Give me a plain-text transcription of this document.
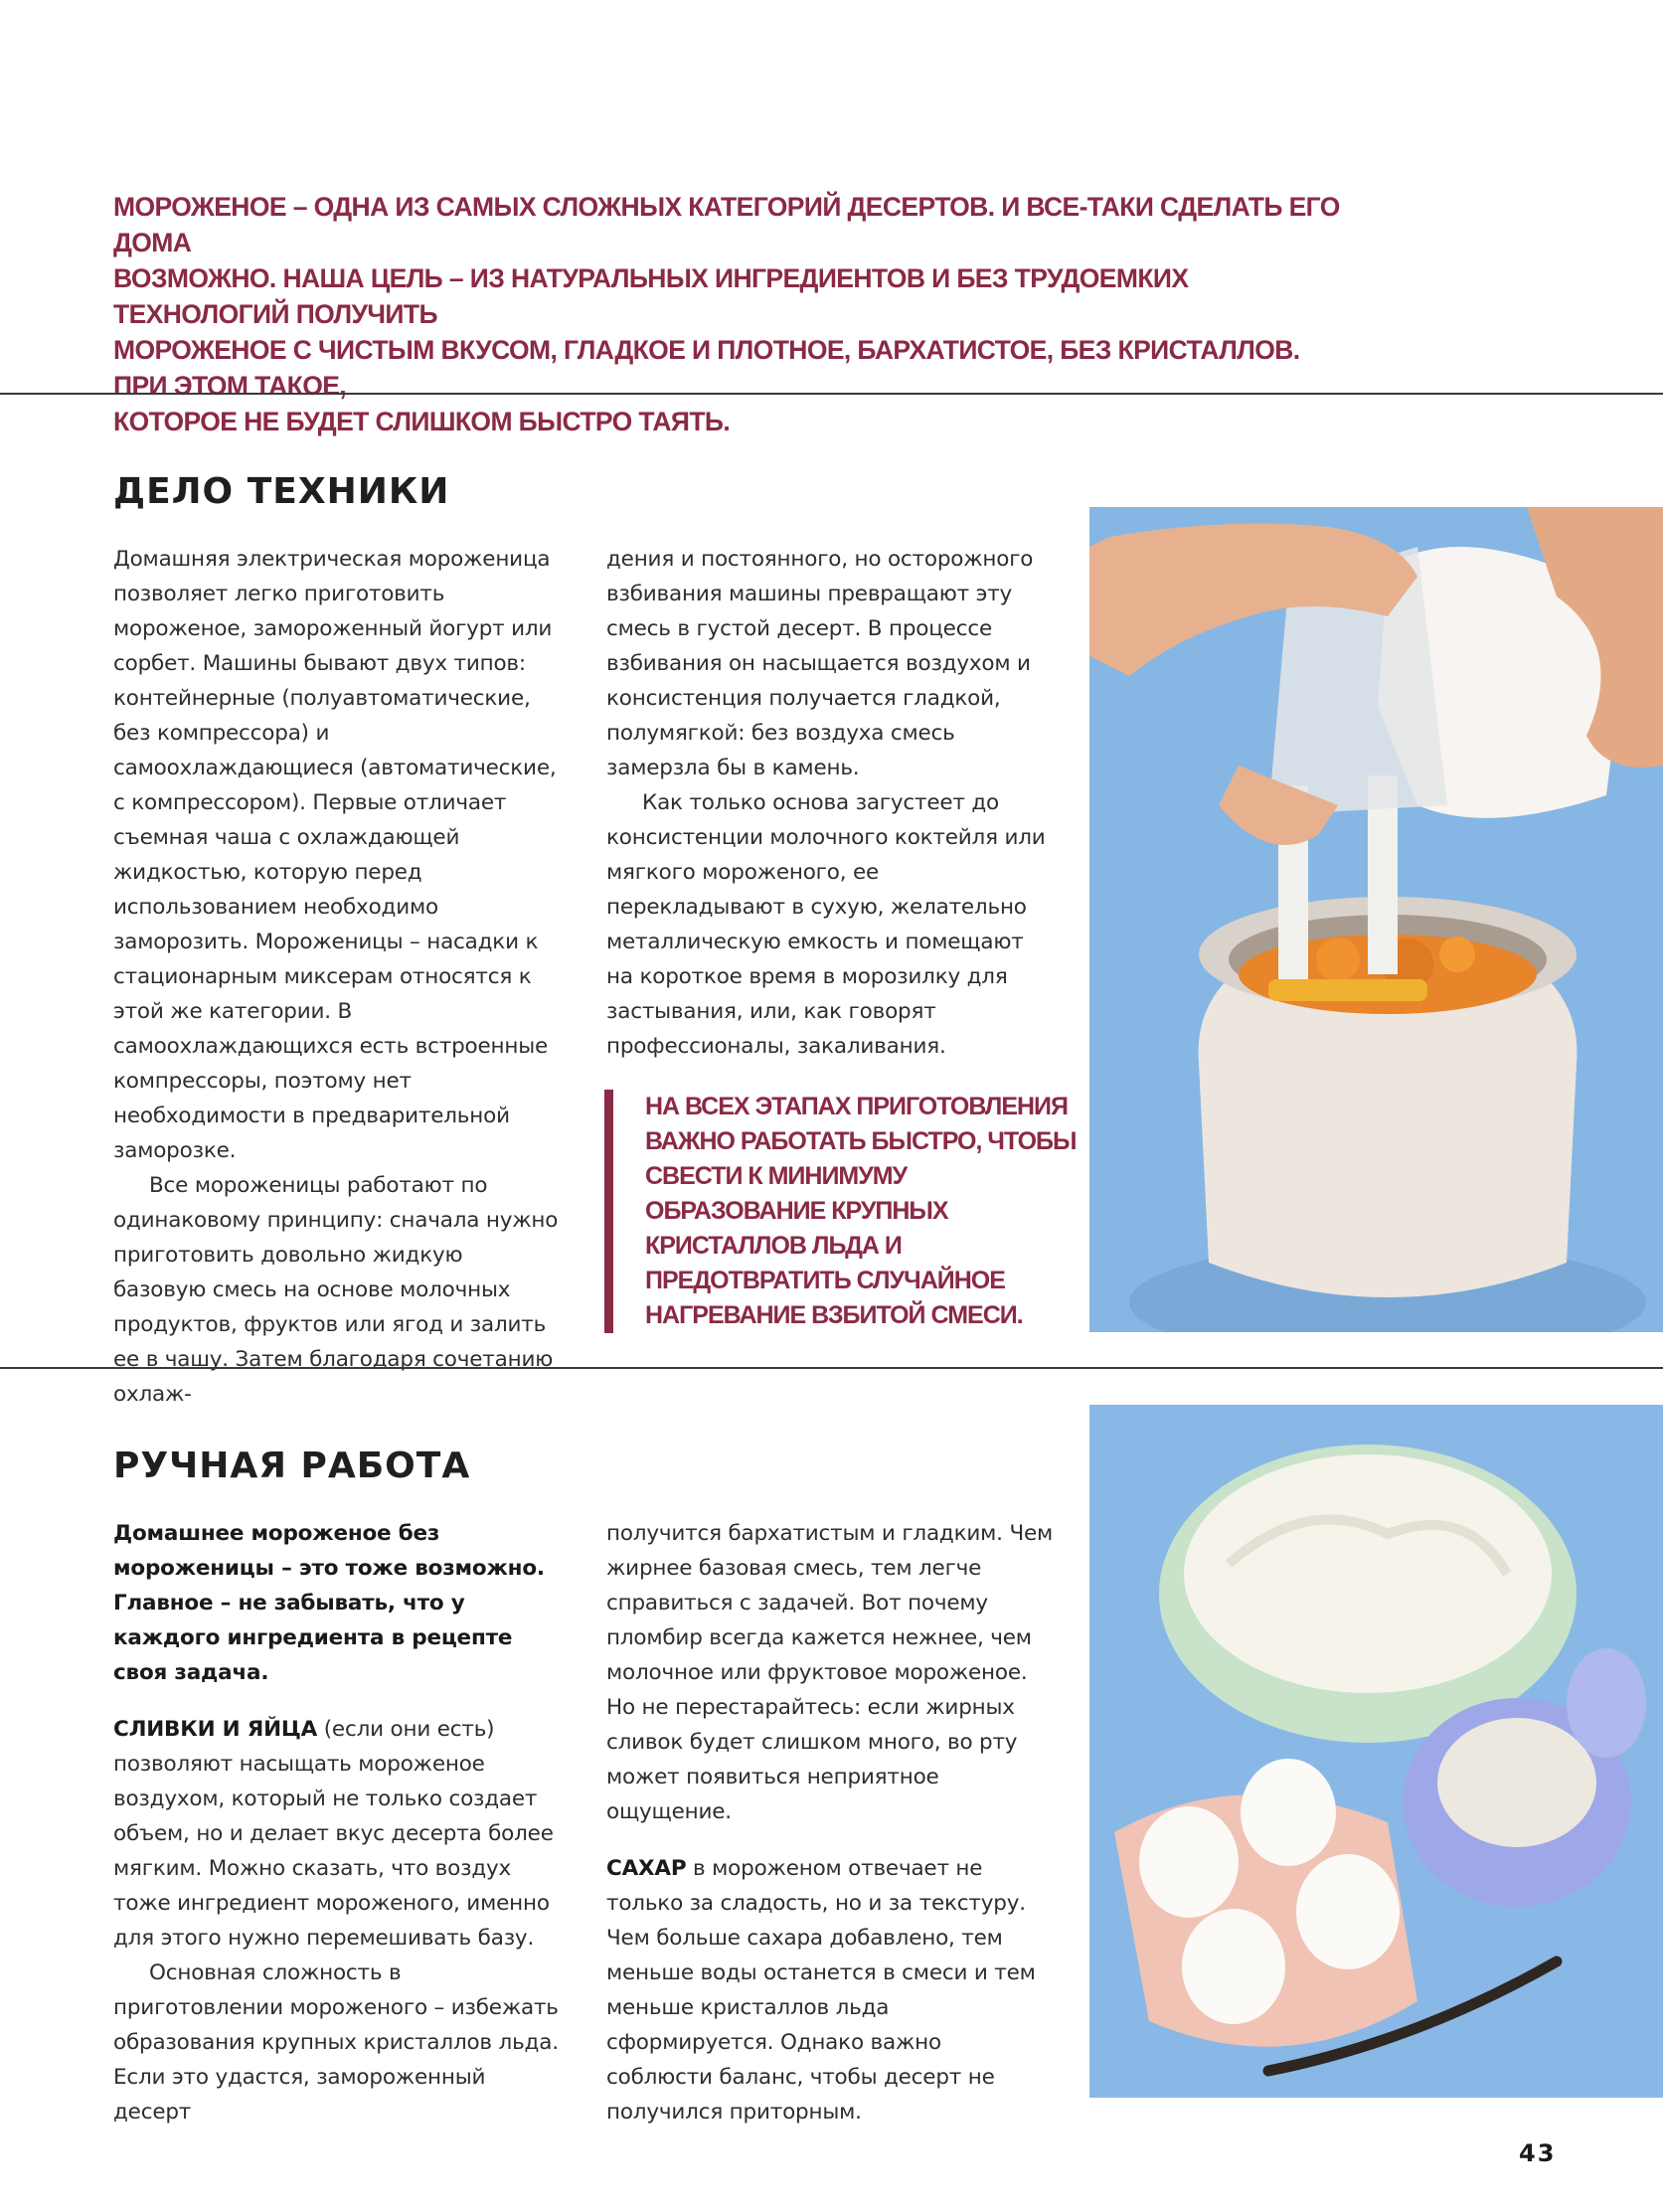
МОРОЖЕНОЕ – ОДНА ИЗ САМЫХ СЛОЖНЫХ КАТЕГОРИЙ ДЕСЕРТОВ. И ВСЕ-ТАКИ СДЕЛАТЬ ЕГО ДОМА

ВОЗМОЖНО. НАША ЦЕЛЬ – ИЗ НАТУРАЛЬНЫХ ИНГРЕДИЕНТОВ И БЕЗ ТРУДОЕМКИХ ТЕХНОЛОГИЙ ПОЛУЧИТЬ

МОРОЖЕНОЕ С ЧИСТЫМ ВКУСОМ, ГЛАДКОЕ И ПЛОТНОЕ, БАРХАТИСТОЕ, БЕЗ КРИСТАЛЛОВ. ПРИ ЭТОМ ТАКОЕ,

КОТОРОЕ НЕ БУДЕТ СЛИШКОМ БЫСТРО ТАЯТЬ.

ДЕЛО ТЕХНИКИ

Домашняя электрическая мороженица позволяет легко приготовить мороженое, замороженный йогурт или сорбет. Машины бывают двух типов: контейнерные (полуавтоматические, без компрессора) и самоохлаждающиеся (автоматические, с компрессором). Первые отличает съемная чаша с охлаждающей жидкостью, которую перед использованием необходимо заморозить. Мороженицы – насадки к стационарным миксерам относятся к этой же категории. В самоохлаждающихся есть встроенные компрессоры, поэтому нет необходимости в предварительной заморозке.

Все мороженицы работают по одинаковому принципу: сначала нужно приготовить довольно жидкую базовую смесь на основе молочных продуктов, фруктов или ягод и залить ее в чашу. Затем благодаря сочетанию охлаж-

дения и постоянного, но осторожного взбивания машины превращают эту смесь в густой десерт. В процессе взбивания он насыщается воздухом и консистенция получается гладкой, полумягкой: без воздуха смесь замерзла бы в камень.

Как только основа загустеет до консистенции молочного коктейля или мягкого мороженого, ее перекладывают в сухую, желательно металлическую емкость и помещают на короткое время в морозилку для застывания, или, как говорят профессионалы, закаливания.

НА ВСЕХ ЭТАПАХ ПРИГОТОВЛЕНИЯ ВАЖНО РАБОТАТЬ БЫСТРО, ЧТОБЫ СВЕСТИ К МИНИМУМУ ОБРАЗОВАНИЕ КРУПНЫХ КРИСТАЛЛОВ ЛЬДА И ПРЕДОТВРАТИТЬ СЛУЧАЙНОЕ НАГРЕВАНИЕ ВЗБИТОЙ СМЕСИ.
РУЧНАЯ РАБОТА

Домашнее мороженое без мороженицы – это тоже возможно. Главное – не забывать, что у каждого ингредиента в рецепте своя задача.

СЛИВКИ И ЯЙЦА (если они есть) позволяют насыщать мороженое воздухом, который не только создает объем, но и делает вкус десерта более мягким. Можно сказать, что воздух тоже ингредиент мороженого, именно для этого нужно перемешивать базу.

Основная сложность в приготовлении мороженого – избежать образования крупных кристаллов льда. Если это удастся, замороженный десерт

получится бархатистым и гладким. Чем жирнее базовая смесь, тем легче справиться с задачей. Вот почему пломбир всегда кажется нежнее, чем молочное или фруктовое мороженое. Но не перестарайтесь: если жирных сливок будет слишком много, во рту может появиться неприятное ощущение.

САХАР в мороженом отвечает не только за сладость, но и за текстуру. Чем больше сахара добавлено, тем меньше воды останется в смеси и тем меньше кристаллов льда сформируется. Однако важно соблюсти баланс, чтобы десерт не получился приторным.

43
